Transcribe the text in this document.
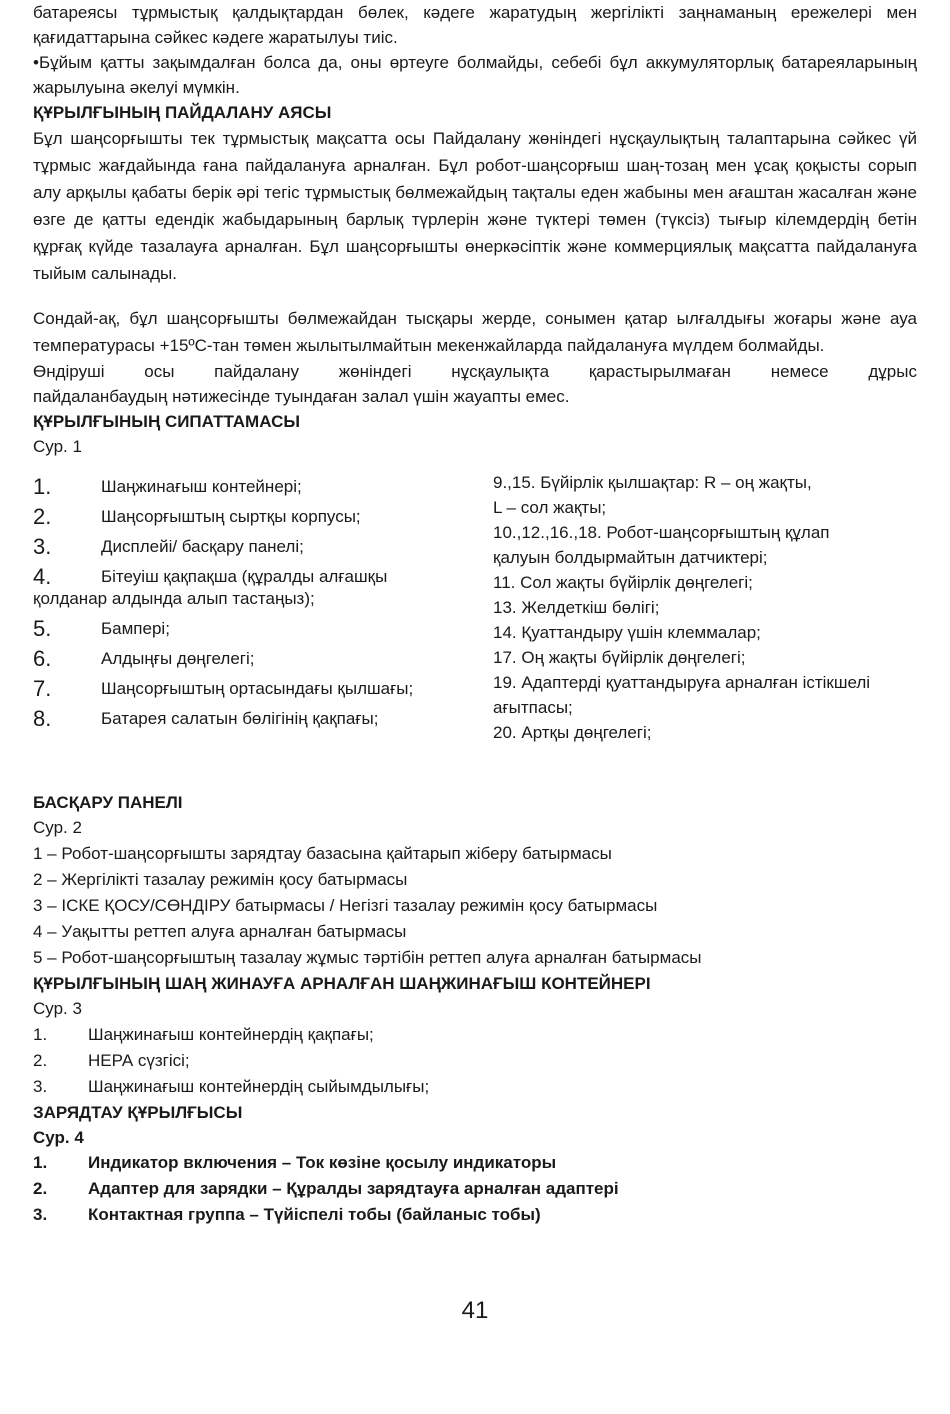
батареясы тұрмыстық қалдықтардан бөлек, кәдеге жаратудың жергілікті заңнаманың ережелері мен қағидаттарына сәйкес кәдеге жаратылуы тиіс.

•Бұйым қатты зақымдалған болса да, оны өртеуге болмайды, себебі бұл аккумуляторлық батареяларының жарылуына әкелуі мүмкін.

ҚҰРЫЛҒЫНЫҢ ПАЙДАЛАНУ АЯСЫ

Бұл шаңсорғышты тек тұрмыстық мақсатта осы Пайдалану жөніндегі нұсқаулықтың талаптарына сәйкес үй тұрмыс жағдайында ғана пайдалануға арналған. Бұл робот-шаңсорғыш шаң-тозаң мен ұсақ қоқысты сорып алу арқылы қабаты берік әрі тегіс тұрмыстық бөлмежайдың тақталы еден жабыны мен ағаштан жасалған және өзге де қатты едендік жабыдарының барлық түрлерін және түктері төмен (түксіз) тығыр кілемдердің бетін құрғақ күйде тазалауға арналған. Бұл шаңсорғышты өнеркәсіптік және коммерциялық мақсатта пайдалануға тыйым салынады.

Сондай-ақ, бұл шаңсорғышты бөлмежайдан тысқары жерде, сонымен қатар ылғалдығы жоғары және ауа температурасы +15ºС-тан төмен жылытылмайтын мекенжайларда пайдалануға мүлдем болмайды.

Өндіруші осы пайдалану жөніндегі нұсқаулықта қарастырылмаған немесе дұрыс

пайдаланбаудың нәтижесінде туындаған залал үшін жауапты емес.

ҚҰРЫЛҒЫНЫҢ СИПАТТАМАСЫ

Сур. 1

1.	Шаңжинағыш контейнері;
2.	Шаңсорғыштың сыртқы корпусы;
3.	Дисплейі/ басқару панелі;
4.	Бітеуіш қақпақша (құралды алғашқы
қолданар алдында алып тастаңыз);
5.	Бампері;
6.	Алдыңғы дөңгелегі;
7.	Шаңсорғыштың ортасындағы қылшағы;
8.	Батарея салатын бөлігінің қақпағы;
9.,15. Бүйірлік қылшақтар: R – оң жақты,
L – сол жақты;
10.,12.,16.,18. Робот-шаңсорғыштың құлап
қалуын болдырмайтын датчиктері;
11. Сол жақты бүйірлік дөңгелегі;
13. Желдеткіш бөлігі;
14. Қуаттандыру үшін клеммалар;
17. Оң жақты бүйірлік дөңгелегі;
19. Адаптерді қуаттандыруға арналған істікшелі
ағытпасы;
20. Артқы дөңгелегі;

БАСҚАРУ ПАНЕЛІ

Сур. 2

1 – Робот-шаңсорғышты зарядтау базасына қайтарып жіберу батырмасы
2 – Жергілікті тазалау режимін қосу батырмасы
3 – ІСКЕ ҚОСУ/СӨНДІРУ батырмасы / Негізгі тазалау режимін қосу батырмасы
4 – Уақытты реттеп алуға арналған батырмасы
5 – Робот-шаңсорғыштың тазалау жұмыс тәртібін реттеп алуға арналған батырмасы

ҚҰРЫЛҒЫНЫҢ ШАҢ ЖИНАУҒА АРНАЛҒАН ШАҢЖИНАҒЫШ КОНТЕЙНЕРІ

Сур. 3

1.	Шаңжинағыш контейнердің қақпағы;
2.	НЕРА сүзгісі;
3.	Шаңжинағыш контейнердің сыйымдылығы;

ЗАРЯДТАУ ҚҰРЫЛҒЫСЫ

Сур. 4

1.	Индикатор включения – Ток көзіне қосылу индикаторы
2.	Адаптер для зарядки – Құралды зарядтауға арналған адаптері
3.	Контактная группа – Түйіспелі тобы (байланыс тобы)
41
